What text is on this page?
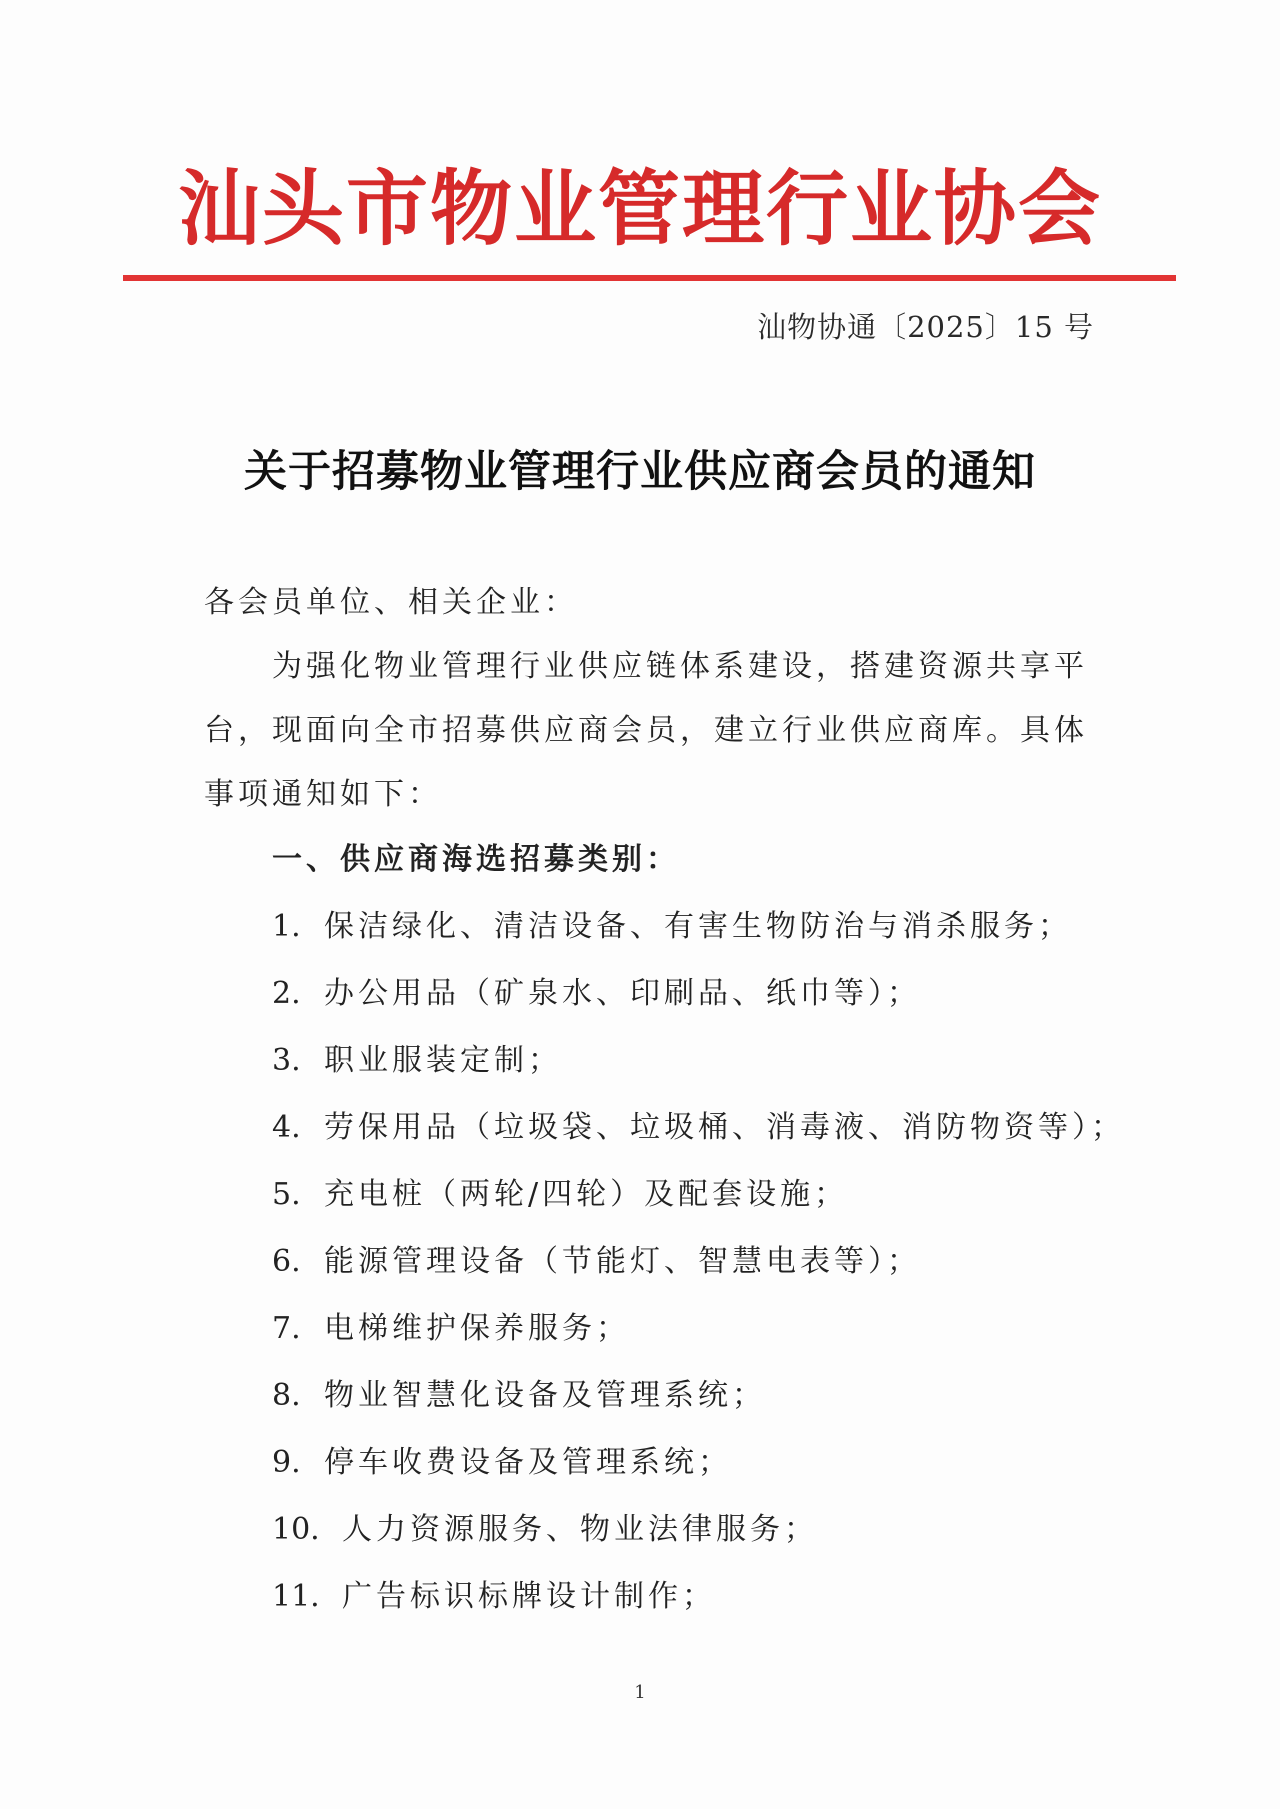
汕头市物业管理行业协会
汕物协通〔2025〕15 号
关于招募物业管理行业供应商会员的通知
各会员单位、相关企业：
为强化物业管理行业供应链体系建设，搭建资源共享平
台，现面向全市招募供应商会员，建立行业供应商库。具体
事项通知如下：
一、供应商海选招募类别：
1. 保洁绿化、清洁设备、有害生物防治与消杀服务；
2. 办公用品（矿泉水、印刷品、纸巾等）；
3. 职业服装定制；
4. 劳保用品（垃圾袋、垃圾桶、消毒液、消防物资等）；
5. 充电桩（两轮/四轮）及配套设施；
6. 能源管理设备（节能灯、智慧电表等）；
7. 电梯维护保养服务；
8. 物业智慧化设备及管理系统；
9. 停车收费设备及管理系统；
10. 人力资源服务、物业法律服务；
11. 广告标识标牌设计制作；
1
